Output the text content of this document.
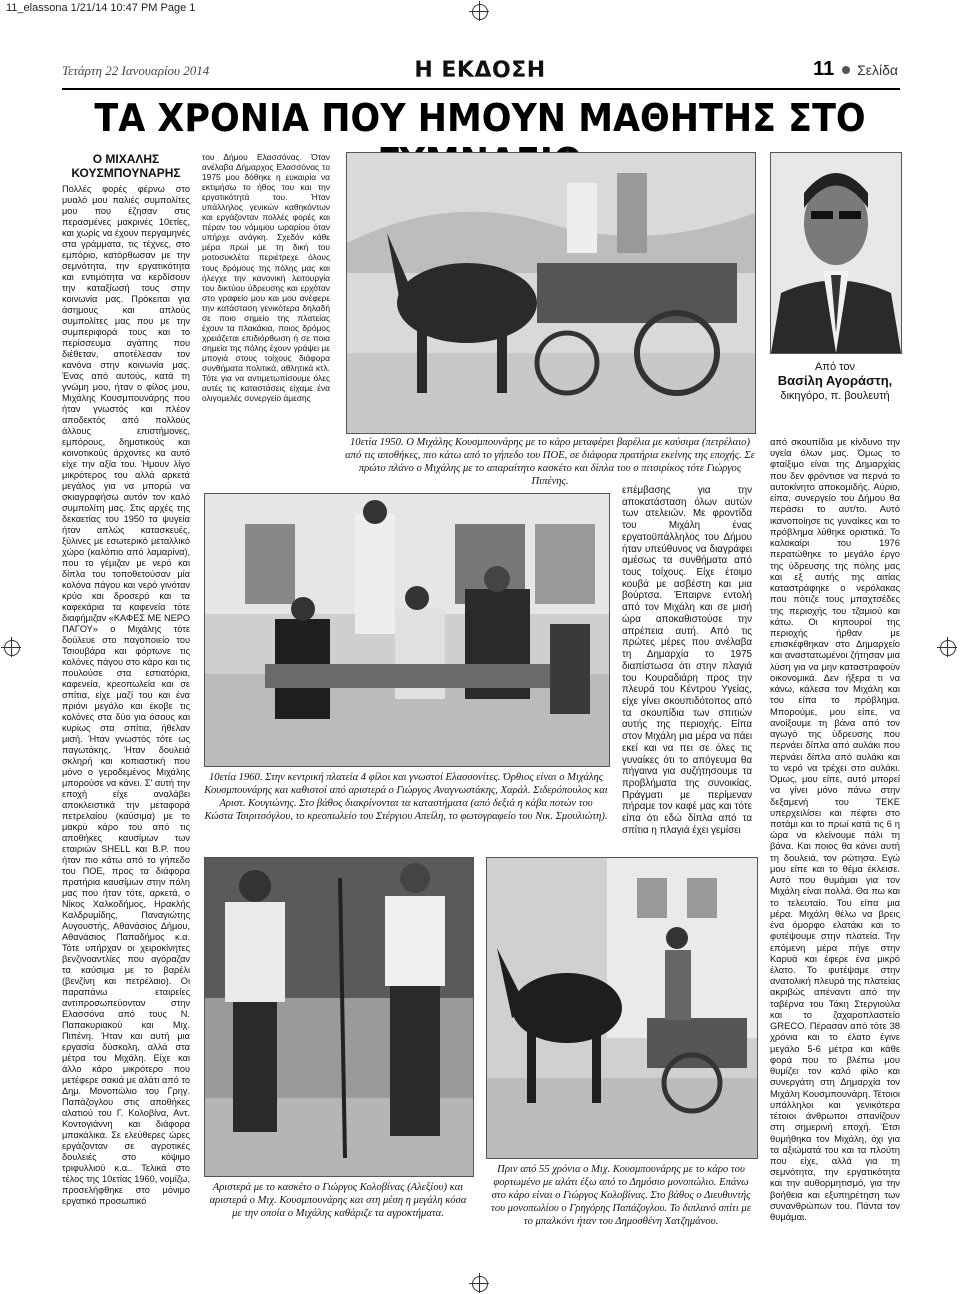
11_elassona 1/21/14 10:47 PM Page 1
Τετάρτη 22 Ιανουαρίου 2014	Η ΕΚΔΟΣΗ	11 Σελίδα
ΤΑ ΧΡΟΝΙΑ ΠΟΥ ΗΜΟΥΝ ΜΑΘΗΤΗΣ ΣΤΟ
Ο ΜΙΧΑΛΗΣ ΚΟΥΣΜΠΟΥΝΑΡΗΣ
Πολλές φορές φέρνω στο μυαλό μου παλιές συμπολίτες μου που έζησαν στις περασμένες μακρινές 10ετίες, και χωρίς να έχουν περγαμηνές στα γράμματα, τις τέχνες, στο εμπόριο, κατόρθωσαν με την σεμνότητα, την εργατικότητα και εντιμότητα να κερδίσουν την καταξίωσή τους στην κοινωνία μας. Πρόκειται για άσημους και απλούς συμπολίτες μας που με την συμπεριφορά τους και το περίσσευμα αγάπης που διέθεταν, αποτέλεσαν τον κανόνα στην κοινωνία μας. Ένας από αυτούς, κατά τη γνώμη μου, ήταν ο φίλος μου, Μιχάλης Κουσμπουνάρης που ήταν γνωστός και πλέον αποδεκτός από πολλούς άλλους επιστήμονες, εμπόρους, δημοτικούς και κοινοτικούς άρχοντες κα αυτό είχε την αξία του. Ήμουν λίγο μικρότερος του αλλά αρκετά μεγάλος για να μπορώ να σκιαγραφήσω αυτόν τον καλό συμπολίτη μας. Στις αρχές της δεκαετίας του 1950 τα ψυγεία ήταν απλώς κατασκευές, ξύλινες με εσωτερικό μεταλλικό χώρο (καλόπιο από λαμαρίνα), που το γέμιζαν με νερό και δίπλα του τοποθετούσαν μία κολόνα πάγου και νερό γινόταν κρύο και δροσερό και τα καφεκάρια τα καφενεία τότε διαφήμιζαν «ΚΑΦΕΣ ΜΕ ΝΕΡΟ ΠΑΓΟΥ» ο Μιχάλης τότε δούλευε στο παγοποιείο του Τσιουβάρα και φόρτωνε τις κολόνες πάγου στο κάρο και τις πουλούσε στα εστιατόρια, καφενεία, κρεοπωλεία και σε σπίτια, είχε μαζί του και ένα πριόνι μεγάλο και έκοβε τις κολόνες στα δύο για όσους και κυρίως στα σπίτια, ήθελαν μισή. Ήταν γνωστός τότε ως παγωτάκης. Ήταν δουλειά σκληρή και κοπιαστική που μόνο ο γεροδεμένος Μιχάλης μπορούσε να κάνει. Σ' αυτή την εποχή είχε αναλάβει αποκλειστικά την μεταφορά πετρελαίου (καύσιμα) με το μακρύ κάρο του από τις αποθήκες καυσίμων των εταιριών SHELL και Β.Ρ. που ήταν πιο κάτω από το γήπεδο του ΠΟΕ, προς τα διάφορα πρατήρια καυσίμων στην πόλη μας που ήταν τότε, αρκετά, ο Νίκος Χαλκοδήμος, Ηρακλής Καλδρυμίδης, Παναγιώτης Αυγουστής, Αθανάσιος Δήμου, Αθανάσιος Παπαδήμος κ.α. Τότε υπήρχαν οι χειροκίνητες βενζινοαντλίες που αγόραζαν τα καύσιμα με το βαρέλι (βενζίνη και πετρέλαιο). Οι παραπάνω εταιρείες αντιπροσωπεύονταν στην Ελασσόνα από τους Ν. Παπακυριακού και Μιχ. Πιπένη. Ήταν και αυτή μια εργασία δύσκολη, αλλά στα μέτρα του Μιχάλη. Είχε και άλλο κάρο μικρότερο που μετέφερε σακιά με αλάτι από το Δημ. Μονοπώλιο του Γρηγ. Παπάζογλου στις αποθήκες αλατιού του Γ. Κολοβίνα, Αντ. Κοντογιάννη και διάφορα μπακάλικα. Σε ελεύθερες ώρες εργάζονταν σε αγροτικές δουλειές στο κόψιμο τριφυλλιού κ.α.. Τελικά στο τέλος της 10ετίας 1960, νομίζω, προσελήφθηκε στο μόνιμο εργατικό προσωπικό
του Δήμου Ελασσόνας. Όταν ανέλαβα Δήμαρχος Ελασσόνας το 1975 μου δόθηκε η ευκαιρία να εκτιμήσω το ήθος του και την εργατικότητά του. Ήταν υπάλληλος γενικών καθηκόντων και εργάζονταν πολλές φορές και πέραν του νόμιμου ωραρίου όταν υπήρχε ανάγκη. Σχεδόν κάθε μέρα πρωί με τη δική του μοτοσυκλέτα περιέτρεχε όλους τους δρόμους της πόλης μας και ήλεγχε την κανονική λειτουργία του δικτύου ύδρευσης και ερχόταν στο γραφείο μου και μου ανέφερε την κατάσταση γενικότερα δηλαδή σε ποιο σημείο της πλατείας έχουν τα πλακάκια, ποιος δρόμος χρειάζεται επιδιόρθωση ή σε ποια σημεία της πόλης έχουν γράψει με μπογιά στους τοίχους διάφορα συνθήματα πολιτικά, αθλητικά κτλ. Τότε για να αντιμετωπίσουμε όλες αυτές τις καταστάσεις είχαμε ένα ολιγομελές συνεργείο άμεσης
10ετία 1950. Ο Μιχάλης Κουσμπουνάρης με το κάρο μεταφέρει βαρέλια με καύσιμα (πετρέλαιο) από τις αποθήκες, πιο κάτω από το γήπεδο του ΠΟΕ, σε διάφορα πρατήρια εκείνης της εποχής. Σε πρώτο πλάνο ο Μιχάλης με το απαραίτητο κασκέτο και δίπλα του ο πιτσιρίκος τότε Γιώργος Πιπένης.
10ετία 1960. Στην κεντρική πλατεία 4 φίλοι και γνωστοί Ελασσονίτες. Όρθιος είναι ο Μιχάλης Κουσμπουνάρης και καθιστοί από αριστερά ο Γιώργος Αναγνωστάκης, Χαράλ. Σιδερόπουλος και Αριστ. Κουγιώνης. Στο βάθος διακρίνονται τα καταστήματα (από δεξιά η κάβα ποτών του Κώστα Τσιριτσόγλου, το κρεοπωλείο του Στέργιου Απείλη, το φωτογραφείο του Νικ. Σμουλιώτη).
επέμβασης για την αποκατάσταση όλων αυτών των ατελειών. Με φροντίδα του Μιχάλη ένας εργατοϋπάλληλος του Δήμου ήταν υπεύθυνος να διαγράφει αμέσως τα συνθήματα από τους τοίχους. Είχε έτοιμο κουβά με ασβέστη και μια βούρτσα. Έπαιρνε εντολή από τον Μιχάλη και σε μισή ώρα αποκαθιστούσε την απρέπεια αυτή. Από τις πρώτες μέρες που ανέλαβα τη Δημαρχία το 1975 διαπίστωσα ότι στην πλαγιά του Κουραδιάρη προς την πλευρά του Κέντρου Υγείας, είχε γίνει σκουπιδότοπος από τα σκουπίδια των σπιτιών αυτής της περιοχής. Είπα στον Μιχάλη μια μέρα να πάει εκεί και να πει σε όλες τις γυναίκες ότι το απόγευμα θα πήγαινα για συζήτησουμε τα προβλήματα της συνοικίας. Πράγματι με περίμεναν πήραμε τον καφέ μας και τότε είπα ότι εδώ δίπλα από τα σπίτια η πλαγιά έχει γεμίσει
Από τον
Βασίλη Αγοράστη,
δικηγόρο, π. βουλευτή
από σκουπίδια με κίνδυνο την υγεία όλων μας. Όμως το φταίξιμο είναι της Δημαρχίας που δεν φρόντισε να περνά το αυτοκίνητο αποκομιδής. Αύριο, είπα, συνεργείο του Δήμου θα περάσει το αυτ/το. Αυτό ικανοποίησε τις γυναίκες και το πρόβλημα λύθηκε οριστικά. Το καλοκαίρι του 1976 περατώθηκε το μεγάλο έργο της ύδρευσης της πόλης μας και εξ αυτής της αιτίας καταστράφηκε ο νερόλακας που πότιζε τους μπαχτσέδες της περιοχής του τζαμιού και κάτω. Οι κηπουροί της περιοχής ήρθαν με επισκέφθηκαν στο Δημαρχείο και αναστατωμένοι ζήτησαν μια λύση για να μην καταστραφούν οικονομικά. Δεν ήξερα τι να κάνω, κάλεσα τον Μιχάλη και του είπα το πρόβλημα. Μπορούμε, μου είπε, να ανοίξουμε τη βάνα από τον αγωγό της ύδρευσης που περνάει δίπλα από αυλάκι που περνάει δίπλα από αυλάκι και το νερό να τρέχει στο αυλάκι. Όμως, μου είπε, αυτό μπορεί να γίνει μόνο πάνω στην δεξαμενή του ΤΕΚΕ υπερχειλίσει και πέφτει στο ποτάμι και το πρωί κατά τις 6 η ώρα να κλείνουμε πάλι τη βάνα. Και ποιος θα κάνει αυτή τη δουλειά, τον ρώτησα. Εγώ μου είπε και το θέμα έκλεισε. Αυτό που θυμάμαι για τον Μιχάλη είναι πολλά. Θα πω και το τελευταίο. Του είπα μια μέρα. Μιχάλη θέλω να βρεις ένα όμορφο ελατάκι και το φυτέψουμε στην πλατεία. Την επόμενη μέρα πήγε στην Καρυά και έφερε ένα μικρό έλατο. Το φυτέψαμε στην ανατολική πλευρά της πλατείας ακριβώς απέναντι από την ταβέρνα του Τάκη Στεργιούλα και το ζαχαροπλαστείο GRECO. Πέρασαν από τότε 38 χρόνια και το έλατο έγινε μεγάλο 5-6 μέτρα και κάθε φορά που το βλέπω μου θυμίζει τον καλό φίλο και συνεργάτη στη Δημαρχία τον Μιχάλη Κουσμπουνάρη. Τέτοιοι υπάλληλοι και γενικότερα τέτοιοι άνθρωποι σπανίζουν στη σημερινή εποχή. Έτσι θυμήθηκα τον Μιχάλη, όχι για τα αξιώματά του και τα πλούτη που είχε, αλλά για τη σεμνότητα, την εργατικότητα και την αυθορμητισμό, για την βοήθεια και εξυπηρέτηση των συνανθρώπων του. Πάντα τον θυμάμαι.
Αριστερά με το κασκέτο ο Γιώργος Κολοβίνας (Αλεξίου) και αριστερά ο Μιχ. Κουσμπουνάρης και στη μέση η μεγάλη κόσα με την οποία ο Μιχάλης καθάριζε τα αγροκτήματα.
Πριν από 55 χρόνια ο Μιχ. Κουσμπουνάρης με το κάρο του φορτωμένο με αλάτι έξω από το Δημόσιο μονοπώλιο. Επάνω στο κάρο είναι ο Γιώργος Κολοβίνας. Στο βάθος ο Διευθυντής του μονοπωλίου ο Γρηγόρης Παπάζογλου. Το διπλανό σπίτι με το μπαλκόνι ήταν του Δημοσθένη Χατζημάνου.
